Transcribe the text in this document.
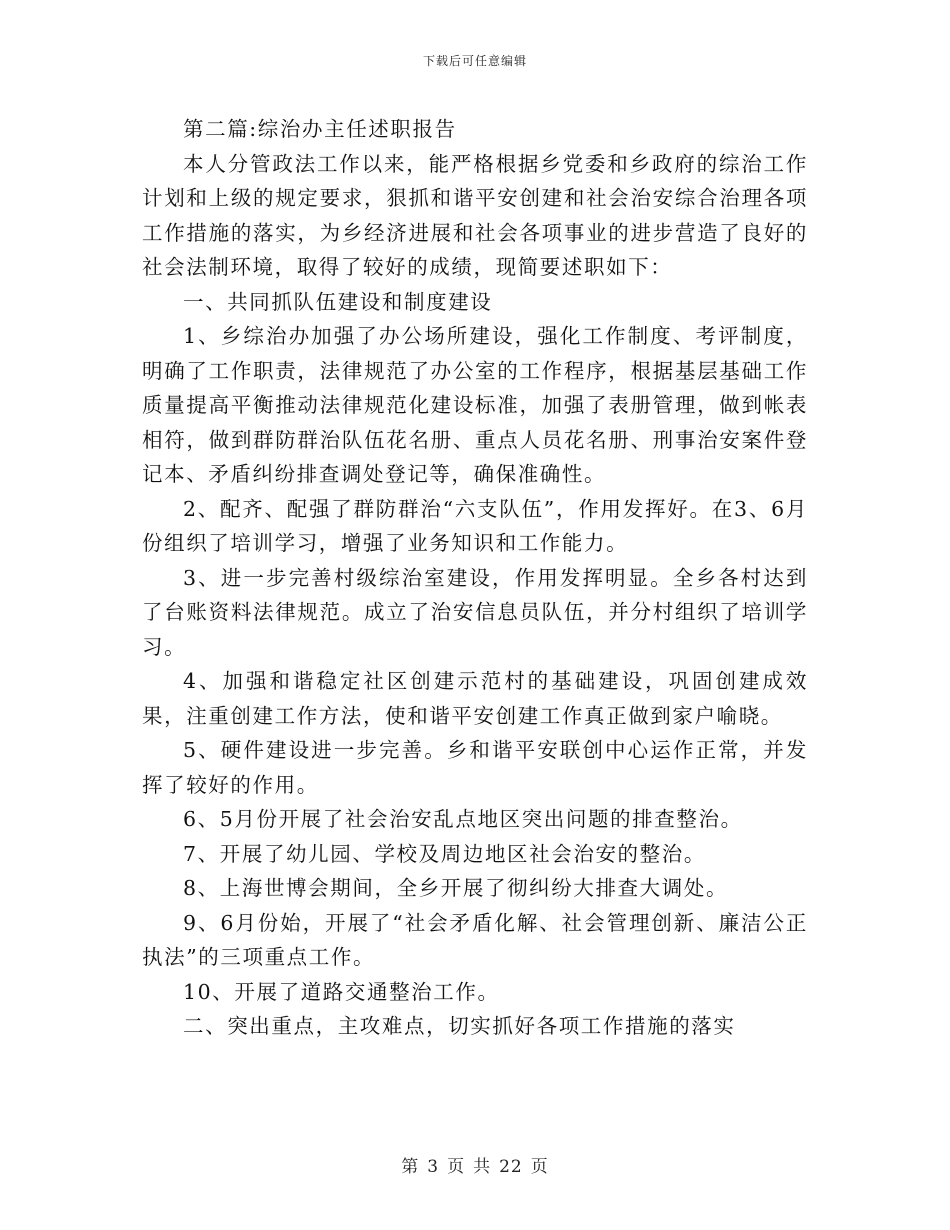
下载后可任意编辑

第二篇:综治办主任述职报告

本人分管政法工作以来，能严格根据乡党委和乡政府的综治工作计划和上级的规定要求，狠抓和谐平安创建和社会治安综合治理各项工作措施的落实，为乡经济进展和社会各项事业的进步营造了良好的社会法制环境，取得了较好的成绩，现简要述职如下：

一、共同抓队伍建设和制度建设

1、乡综治办加强了办公场所建设，强化工作制度、考评制度，明确了工作职责，法律规范了办公室的工作程序，根据基层基础工作质量提高平衡推动法律规范化建设标准，加强了表册管理，做到帐表相符，做到群防群治队伍花名册、重点人员花名册、刑事治安案件登记本、矛盾纠纷排查调处登记等，确保准确性。

2、配齐、配强了群防群治“六支队伍”，作用发挥好。在3、6月份组织了培训学习，增强了业务知识和工作能力。

3、进一步完善村级综治室建设，作用发挥明显。全乡各村达到了台账资料法律规范。成立了治安信息员队伍，并分村组织了培训学习。

4、加强和谐稳定社区创建示范村的基础建设，巩固创建成效果，注重创建工作方法，使和谐平安创建工作真正做到家户喻晓。

5、硬件建设进一步完善。乡和谐平安联创中心运作正常，并发挥了较好的作用。

6、5月份开展了社会治安乱点地区突出问题的排查整治。

7、开展了幼儿园、学校及周边地区社会治安的整治。

8、上海世博会期间，全乡开展了彻纠纷大排查大调处。

9、6月份始，开展了“社会矛盾化解、社会管理创新、廉洁公正执法”的三项重点工作。

10、开展了道路交通整治工作。

二、突出重点，主攻难点，切实抓好各项工作措施的落实

第 3 页 共 22 页
